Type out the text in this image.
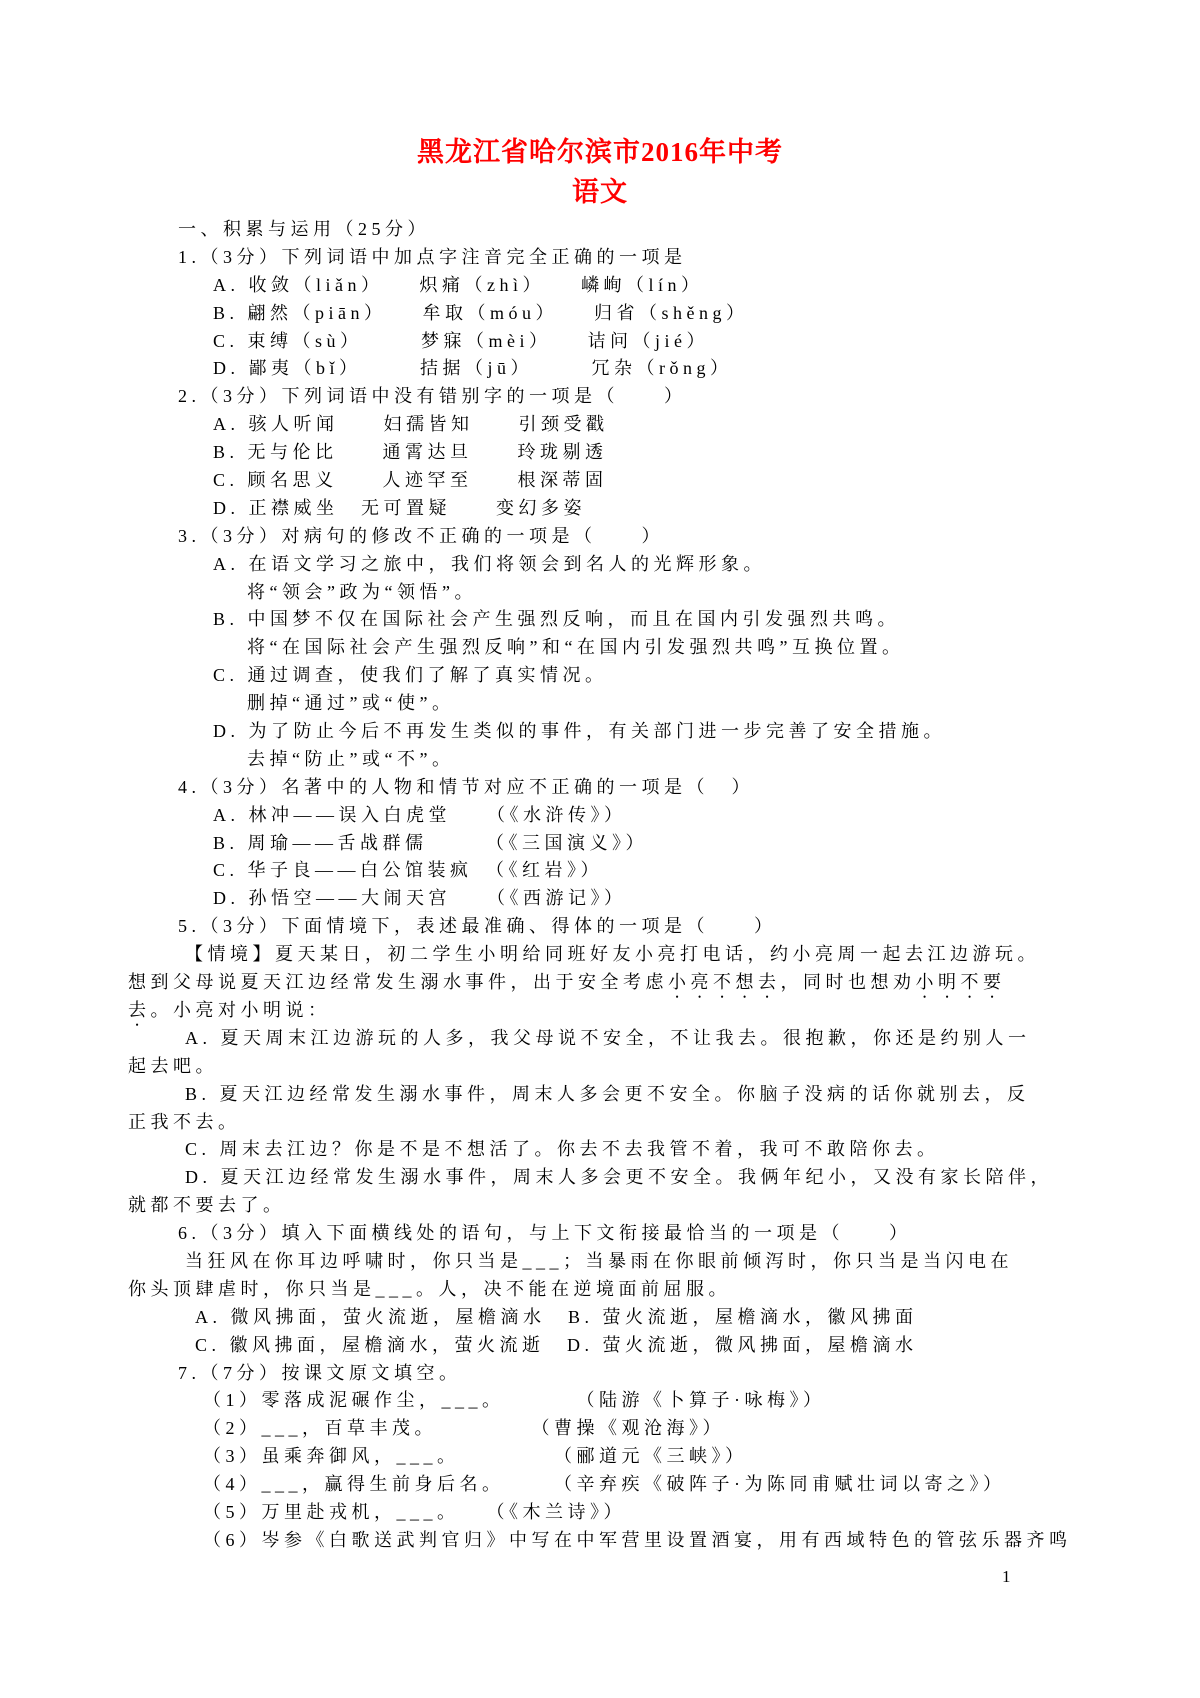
黑龙江省哈尔滨市2016年中考
语文
一、积累与运用（25分）
1.（3分）下列词语中加点字注音完全正确的一项是
A. 收敛（liǎn）　　炽痛（zhì）　　嶙峋（lín）
B. 翩然（piān）　　牟取（móu）　　归省（shěng）
C. 束缚（sù）　　　梦寐（mèi）　　诘问（jié）
D. 鄙夷（bǐ）　　　拮据（jū）　　　冗杂（rǒng）
2.（3分）下列词语中没有错别字的一项是（　　）
A. 骇人听闻　　妇孺皆知　　引颈受戳
B. 无与伦比　　通霄达旦　　玲珑剔透
C. 顾名思义　　人迹罕至　　根深蒂固
D. 正襟威坐　无可置疑　　变幻多姿
3.（3分）对病句的修改不正确的一项是（　　）
A. 在语文学习之旅中，我们将领会到名人的光辉形象。
将“领会”政为“领悟”。
B. 中国梦不仅在国际社会产生强烈反响，而且在国内引发强烈共鸣。
将“在国际社会产生强烈反响”和“在国内引发强烈共鸣”互换位置。
C. 通过调查，使我们了解了真实情况。
删掉“通过”或“使”。
D. 为了防止今后不再发生类似的事件，有关部门进一步完善了安全措施。
去掉“防止”或“不”。
4.（3分）名著中的人物和情节对应不正确的一项是（　）
A. 林冲——误入白虎堂　　（《水浒传》）
B. 周瑜——舌战群儒　　　（《三国演义》）
C. 华子良——白公馆装疯　（《红岩》）
D. 孙悟空——大闹天宫　　（《西游记》）
5.（3分）下面情境下，表述最准确、得体的一项是（　　）
【情境】夏天某日，初二学生小明给同班好友小亮打电话，约小亮周一起去江边游玩。
想到父母说夏天江边经常发生溺水事件，出于安全考虑小亮不想去，同时也想劝小明不要
去。小亮对小明说：
A. 夏天周末江边游玩的人多，我父母说不安全，不让我去。很抱歉，你还是约别人一
起去吧。
B. 夏天江边经常发生溺水事件，周末人多会更不安全。你脑子没病的话你就别去，反
正我不去。
C. 周末去江边？你是不是不想活了。你去不去我管不着，我可不敢陪你去。
D. 夏天江边经常发生溺水事件，周末人多会更不安全。我俩年纪小，又没有家长陪伴，
就都不要去了。
6.（3分）填入下面横线处的语句，与上下文衔接最恰当的一项是（　　）
当狂风在你耳边呼啸时，你只当是___；当暴雨在你眼前倾泻时，你只当是当闪电在
你头顶肆虐时，你只当是___。人，决不能在逆境面前屈服。
A. 微风拂面，萤火流逝，屋檐滴水　B. 萤火流逝，屋檐滴水，徽风拂面
C. 徽风拂面，屋檐滴水，萤火流逝　D. 萤火流逝，微风拂面，屋檐滴水
7.（7分）按课文原文填空。
（1）零落成泥碾作尘，___。　　　　（陆游《卜算子·咏梅》）
（2）___，百草丰茂。　　　　　（曹操《观沧海》）
（3）虽乘奔御风，___。　　　　　（郦道元《三峡》）
（4）___，赢得生前身后名。　　　（辛弃疾《破阵子·为陈同甫赋壮词以寄之》）
（5）万里赴戎机，___。　　（《木兰诗》）
（6）岑参《白歌送武判官归》中写在中军营里设置酒宴，用有西域特色的管弦乐器齐鸣
1
